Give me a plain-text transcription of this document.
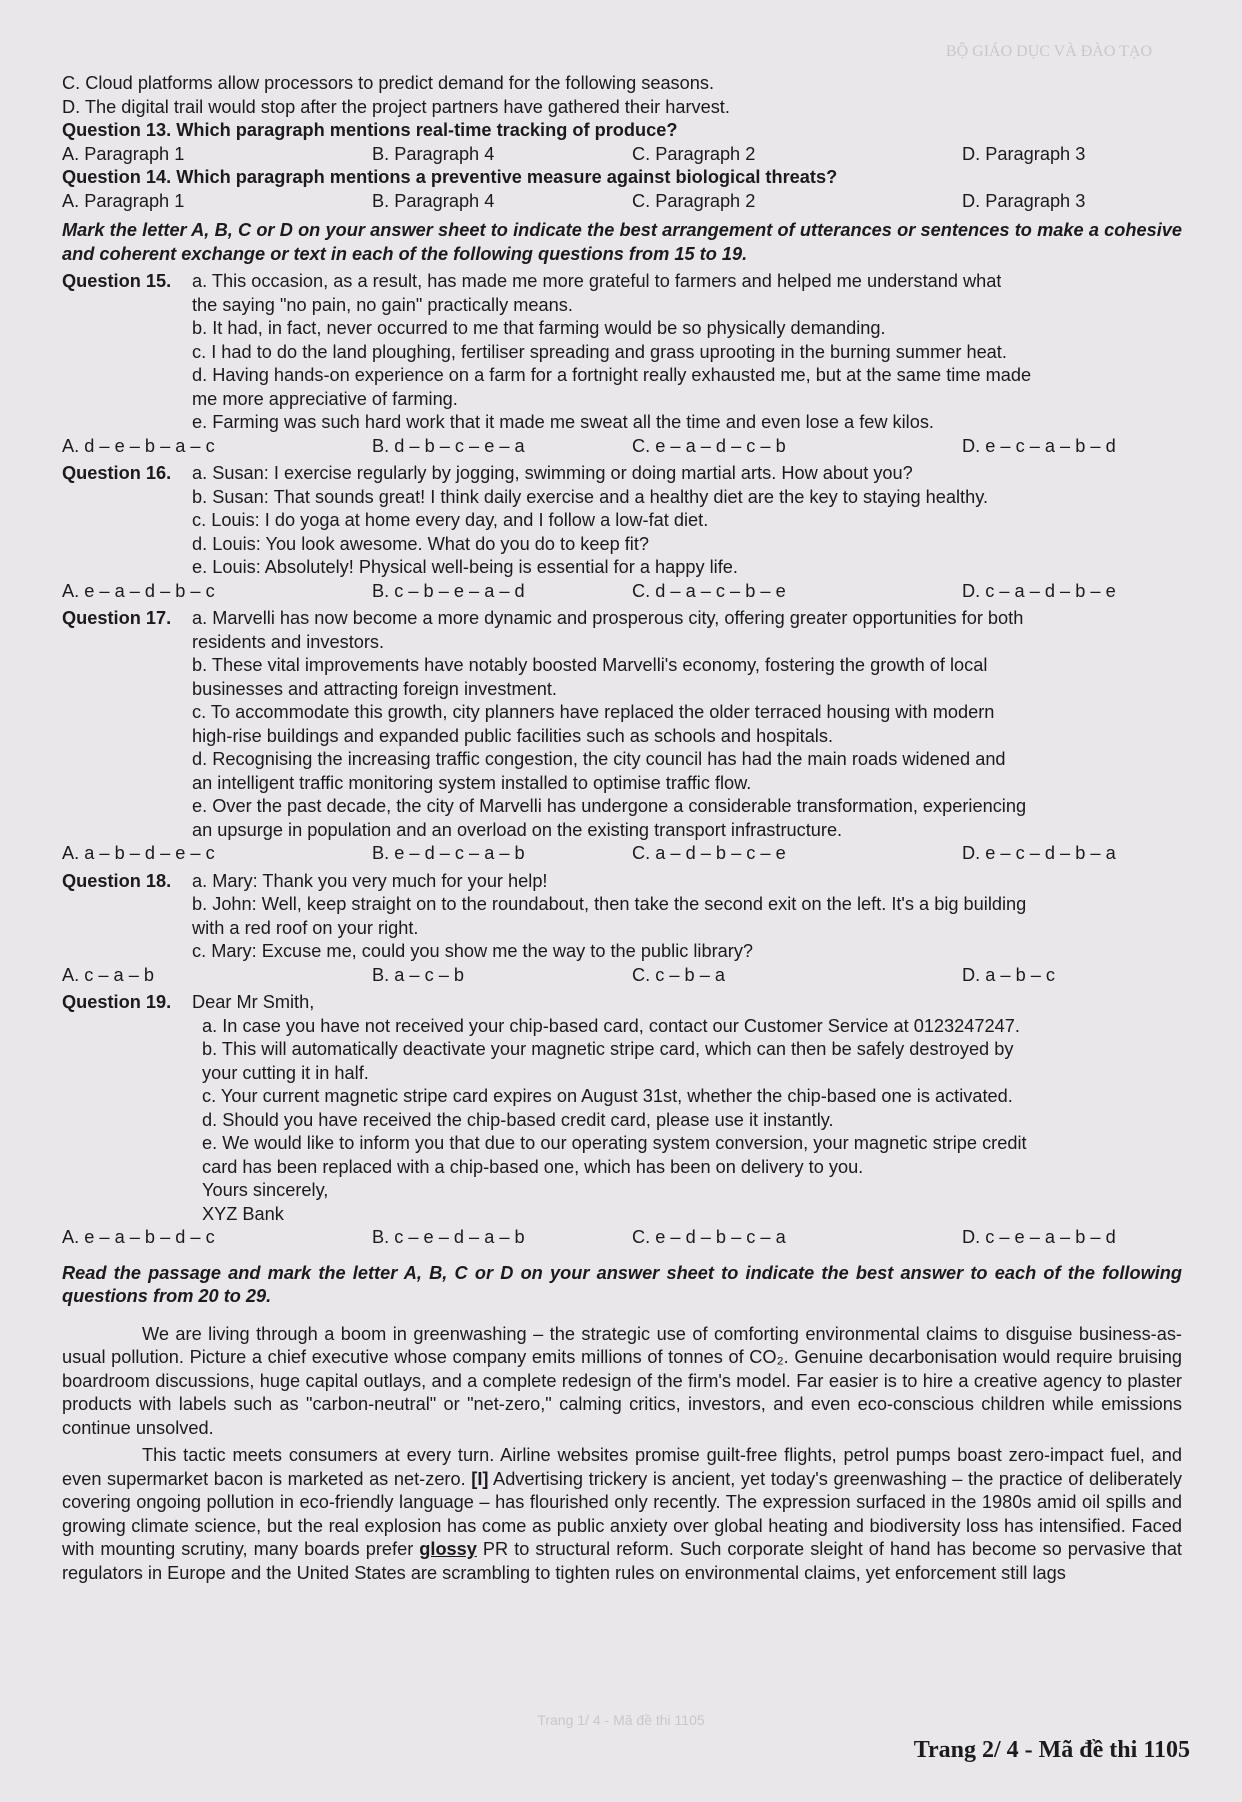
BỘ GIÁO DỤC VÀ ĐÀO TẠO
C. Cloud platforms allow processors to predict demand for the following seasons.
D. The digital trail would stop after the project partners have gathered their harvest.
Question 13. Which paragraph mentions real-time tracking of produce?
A. Paragraph 1	B. Paragraph 4	C. Paragraph 2	D. Paragraph 3
Question 14. Which paragraph mentions a preventive measure against biological threats?
A. Paragraph 1	B. Paragraph 4	C. Paragraph 2	D. Paragraph 3
Mark the letter A, B, C or D on your answer sheet to indicate the best arrangement of utterances or sentences to make a cohesive and coherent exchange or text in each of the following questions from 15 to 19.
Question 15.	a. This occasion, as a result, has made me more grateful to farmers and helped me understand what
the saying "no pain, no gain" practically means.
b. It had, in fact, never occurred to me that farming would be so physically demanding.
c. I had to do the land ploughing, fertiliser spreading and grass uprooting in the burning summer heat.
d. Having hands-on experience on a farm for a fortnight really exhausted me, but at the same time made
me more appreciative of farming.
e. Farming was such hard work that it made me sweat all the time and even lose a few kilos.
A. d – e – b – a – c	B. d – b – c – e – a	C. e – a – d – c – b	D. e – c – a – b – d
Question 16.	a. Susan: I exercise regularly by jogging, swimming or doing martial arts. How about you?
b. Susan: That sounds great! I think daily exercise and a healthy diet are the key to staying healthy.
c. Louis: I do yoga at home every day, and I follow a low-fat diet.
d. Louis: You look awesome. What do you do to keep fit?
e. Louis: Absolutely! Physical well-being is essential for a happy life.
A. e – a – d – b – c	B. c – b – e – a – d	C. d – a – c – b – e	D. c – a – d – b – e
Question 17.	a. Marvelli has now become a more dynamic and prosperous city, offering greater opportunities for both
residents and investors.
b. These vital improvements have notably boosted Marvelli's economy, fostering the growth of local
businesses and attracting foreign investment.
c. To accommodate this growth, city planners have replaced the older terraced housing with modern
high-rise buildings and expanded public facilities such as schools and hospitals.
d. Recognising the increasing traffic congestion, the city council has had the main roads widened and
an intelligent traffic monitoring system installed to optimise traffic flow.
e. Over the past decade, the city of Marvelli has undergone a considerable transformation, experiencing
an upsurge in population and an overload on the existing transport infrastructure.
A. a – b – d – e – c	B. e – d – c – a – b	C. a – d – b – c – e	D. e – c – d – b – a
Question 18.	a. Mary: Thank you very much for your help!
b. John: Well, keep straight on to the roundabout, then take the second exit on the left. It's a big building
with a red roof on your right.
c. Mary: Excuse me, could you show me the way to the public library?
A. c – a – b	B. a – c – b	C. c – b – a	D. a – b – c
Question 19.	Dear Mr Smith,
a. In case you have not received your chip-based card, contact our Customer Service at 0123247247.
b. This will automatically deactivate your magnetic stripe card, which can then be safely destroyed by
your cutting it in half.
c. Your current magnetic stripe card expires on August 31st, whether the chip-based one is activated.
d. Should you have received the chip-based credit card, please use it instantly.
e. We would like to inform you that due to our operating system conversion, your magnetic stripe credit
card has been replaced with a chip-based one, which has been on delivery to you.
Yours sincerely,
XYZ Bank
A. e – a – b – d – c	B. c – e – d – a – b	C. e – d – b – c – a	D. c – e – a – b – d
Read the passage and mark the letter A, B, C or D on your answer sheet to indicate the best answer to each of the following questions from 20 to 29.
We are living through a boom in greenwashing – the strategic use of comforting environmental claims to disguise business-as-usual pollution. Picture a chief executive whose company emits millions of tonnes of CO₂. Genuine decarbonisation would require bruising boardroom discussions, huge capital outlays, and a complete redesign of the firm's model. Far easier is to hire a creative agency to plaster products with labels such as "carbon-neutral" or "net-zero," calming critics, investors, and even eco-conscious children while emissions continue unsolved.
This tactic meets consumers at every turn. Airline websites promise guilt-free flights, petrol pumps boast zero-impact fuel, and even supermarket bacon is marketed as net-zero. [I] Advertising trickery is ancient, yet today's greenwashing – the practice of deliberately covering ongoing pollution in eco-friendly language – has flourished only recently. The expression surfaced in the 1980s amid oil spills and growing climate science, but the real explosion has come as public anxiety over global heating and biodiversity loss has intensified. Faced with mounting scrutiny, many boards prefer glossy PR to structural reform. Such corporate sleight of hand has become so pervasive that regulators in Europe and the United States are scrambling to tighten rules on environmental claims, yet enforcement still lags
Trang 1/ 4 - Mã đề thi 1105
Trang 2/ 4 - Mã đề thi 1105
